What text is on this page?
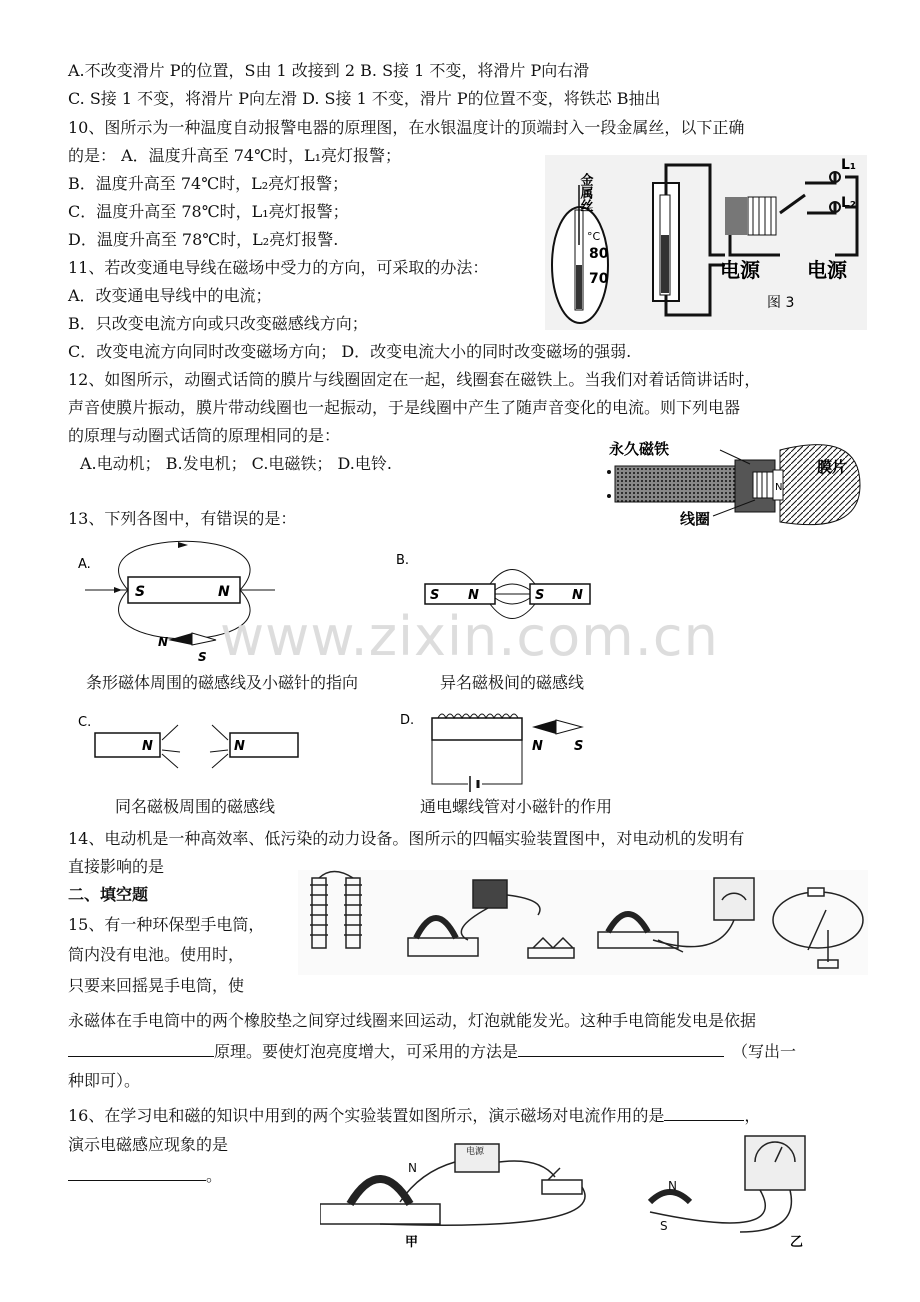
A.不改变滑片 P的位置，S由 1 改接到 2 B. S接 1 不变，将滑片 P向右滑
C. S接 1 不变，将滑片 P向左滑 D. S接 1 不变，滑片 P的位置不变，将铁芯 B抽出
10、图所示为一种温度自动报警电器的原理图，在水银温度计的顶端封入一段金属丝，以下正确
的是： A．温度升高至 74℃时，L₁亮灯报警；
B．温度升高至 74℃时，L₂亮灯报警；
C．温度升高至 78℃时，L₁亮灯报警；
D．温度升高至 78℃时，L₂亮灯报警.
11、若改变通电导线在磁场中受力的方向，可采取的办法：
A．改变通电导线中的电流；
B．只改变电流方向或只改变磁感线方向；
C．改变电流方向同时改变磁场方向； D．改变电流大小的同时改变磁场的强弱.
12、如图所示，动圈式话筒的膜片与线圈固定在一起，线圈套在磁铁上。当我们对着话筒讲话时，
声音使膜片振动，膜片带动线圈也一起振动，于是线圈中产生了随声音变化的电流。则下列电器
的原理与动圈式话筒的原理相同的是：
A.电动机； B.发电机； C.电磁铁； D.电铃.
13、下列各图中，有错误的是：
金属丝
°C
80
70
L₁
L₂
电源 电源
图 3
N
永久磁铁
膜片
线圈
A.
S	N
N
S
B.
S N	S N
C.
N	N
D.
N S
条形磁体周围的磁感线及小磁针的指向	异名磁极间的磁感线
同名磁极周围的磁感线	通电螺线管对小磁针的作用
14、电动机是一种高效率、低污染的动力设备。图所示的四幅实验装置图中，对电动机的发明有
直接影响的是
二、填空题
15、有一种环保型手电筒，
筒内没有电池。使用时，
只要来回摇晃手电筒，使
永磁体在手电筒中的两个橡胶垫之间穿过线圈来回运动，灯泡就能发光。这种手电筒能发电是依据
原理。要使灯泡亮度增大，可采用的方法是	（写出一
种即可）。
16、在学习电和磁的知识中用到的两个实验装置如图所示，演示磁场对电流作用的是	，
演示电磁感应现象的是
。	N
电源
N
S
甲	乙
www.zixin.com.cn
